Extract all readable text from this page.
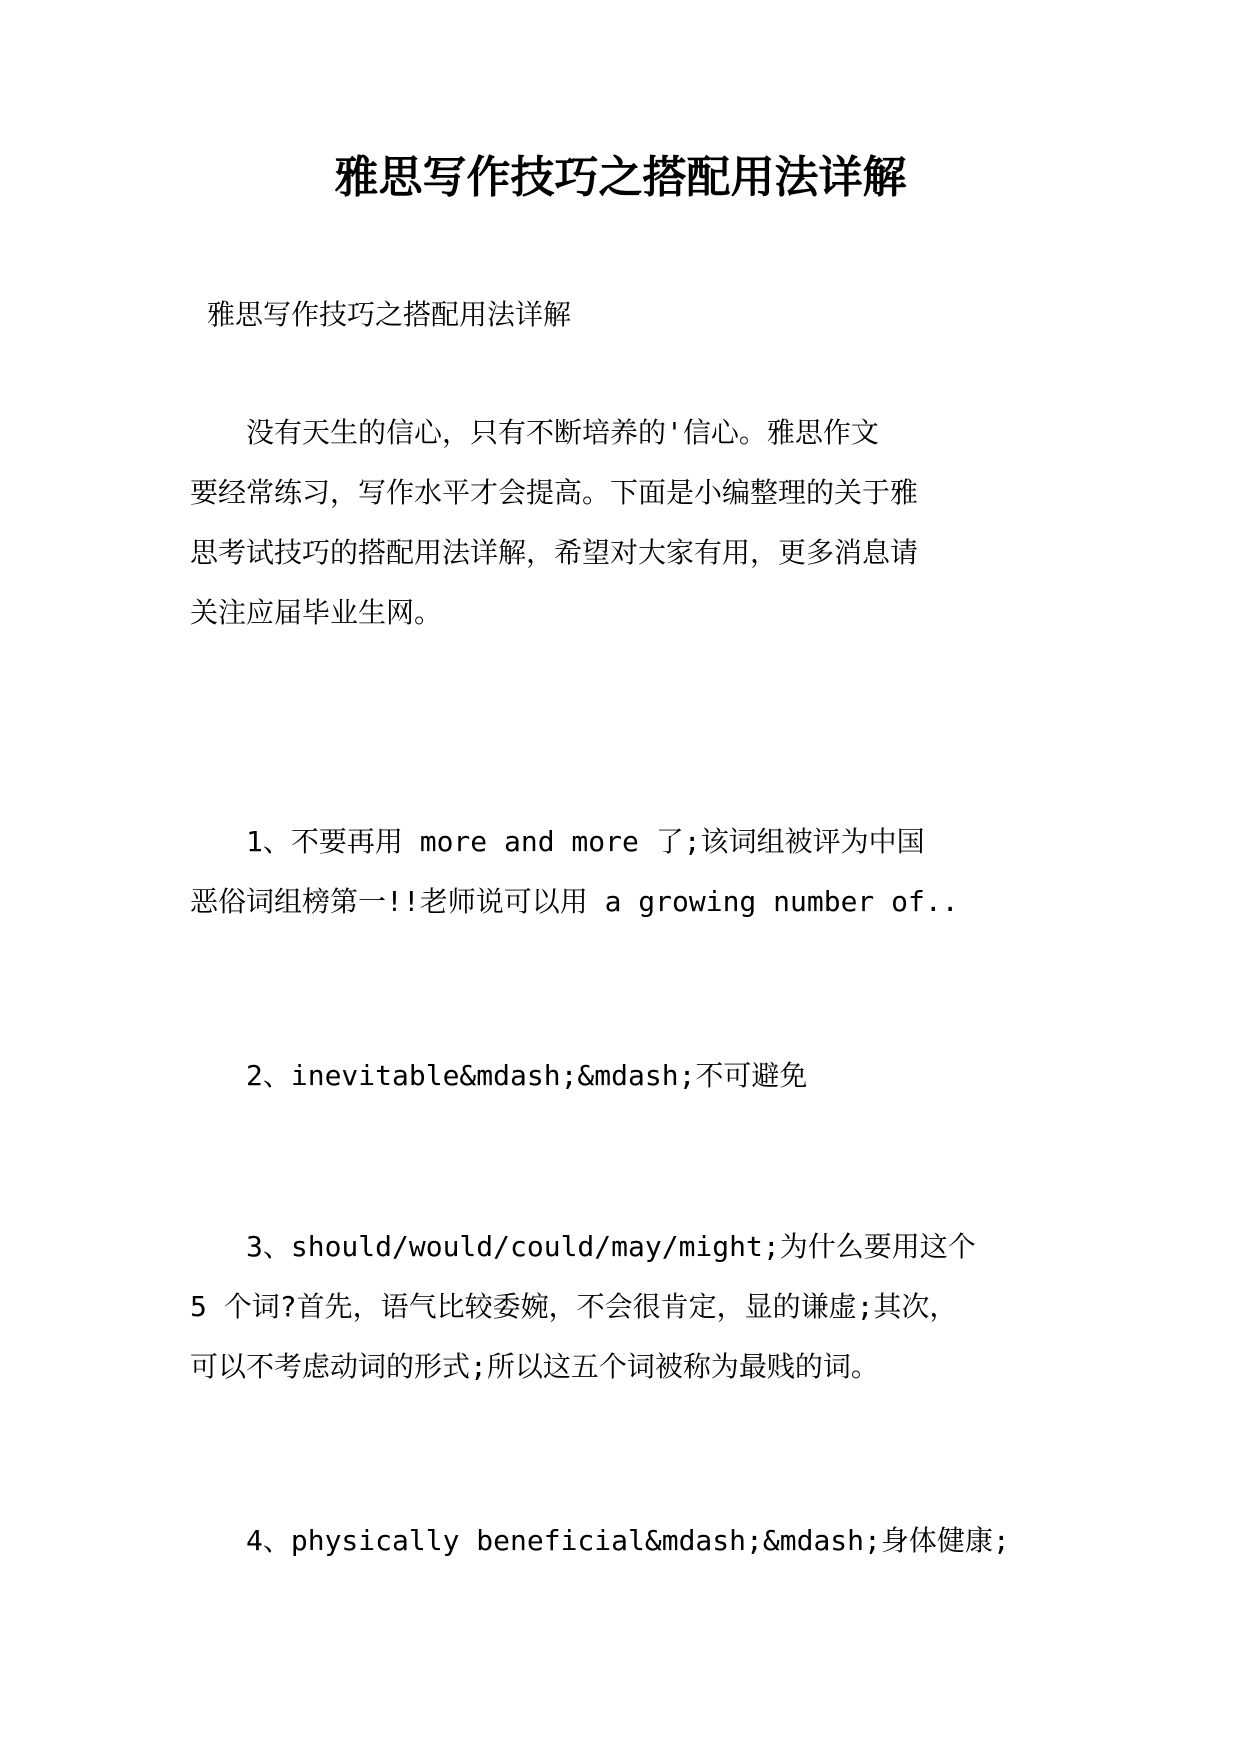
雅思写作技巧之搭配用法详解

雅思写作技巧之搭配用法详解

　　没有天生的信心，只有不断培养的'信心。雅思作文
要经常练习，写作水平才会提高。下面是小编整理的关于雅
思考试技巧的搭配用法详解，希望对大家有用，更多消息请
关注应届毕业生网。

　　1、不要再用 more and more 了;该词组被评为中国
恶俗词组榜第一!!老师说可以用 a growing number of..

　　2、inevitable&mdash;&mdash;不可避免

　　3、should/would/could/may/might;为什么要用这个
5 个词?首先，语气比较委婉，不会很肯定，显的谦虚;其次，
可以不考虑动词的形式;所以这五个词被称为最贱的词。

　　4、physically beneficial&mdash;&mdash;身体健康;
